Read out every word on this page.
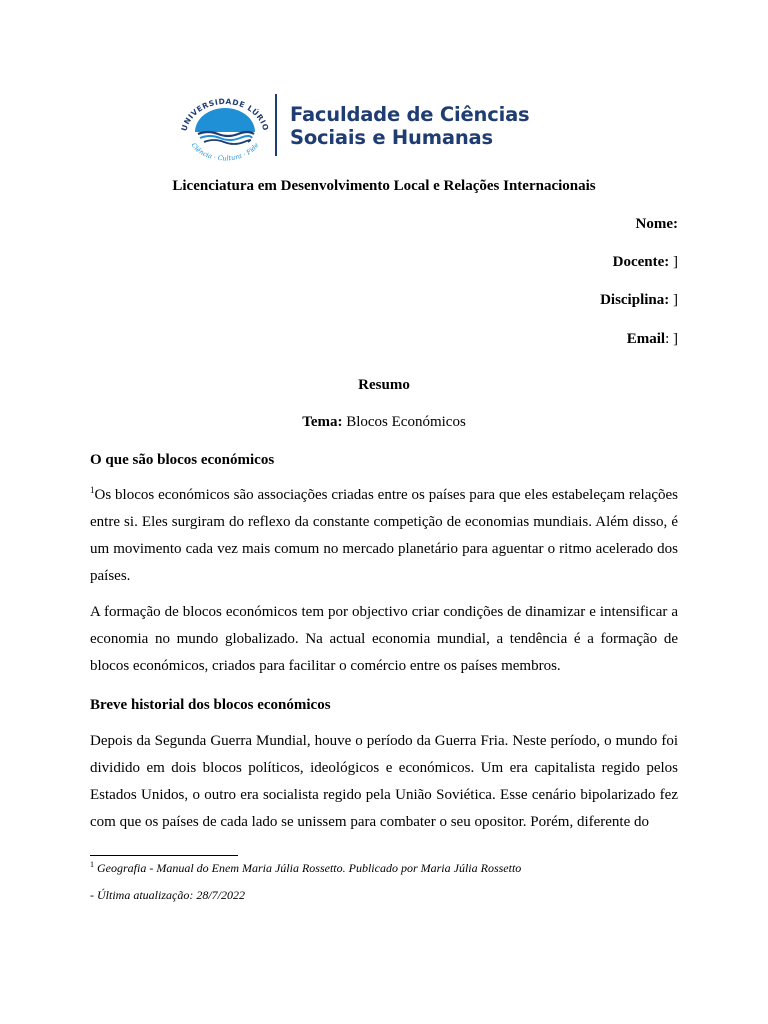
UNIVERSIDADE LÚRIO
Ciência · Cultura · Fide
Faculdade de Ciências
Sociais e Humanas
Licenciatura em Desenvolvimento Local e Relações Internacionais
Nome:
Docente: ]
Disciplina: ]
Email: ]
Resumo
Tema: Blocos Económicos
O que são blocos económicos

$^1$Os blocos económicos são associações criadas entre os países para que eles estabeleçam relações entre si. Eles surgiram do reflexo da constante competição de economias mundiais. Além disso, é um movimento cada vez mais comum no mercado planetário para aguentar o ritmo acelerado dos países.

A formação de blocos económicos tem por objectivo criar condições de dinamizar e intensificar a economia no mundo globalizado. Na actual economia mundial, a tendência é a formação de blocos económicos, criados para facilitar o comércio entre os países membros.

Breve historial dos blocos económicos

Depois da Segunda Guerra Mundial, houve o período da Guerra Fria. Neste período, o mundo foi dividido em dois blocos políticos, ideológicos e económicos. Um era capitalista regido pelos Estados Unidos, o outro era socialista regido pela União Soviética. Esse cenário bipolarizado fez com que os países de cada lado se unissem para combater o seu opositor. Porém, diferente do

$^1$ Geografia - Manual do Enem Maria Júlia Rossetto. Publicado por Maria Júlia Rossetto
- Última atualização: 28/7/2022
